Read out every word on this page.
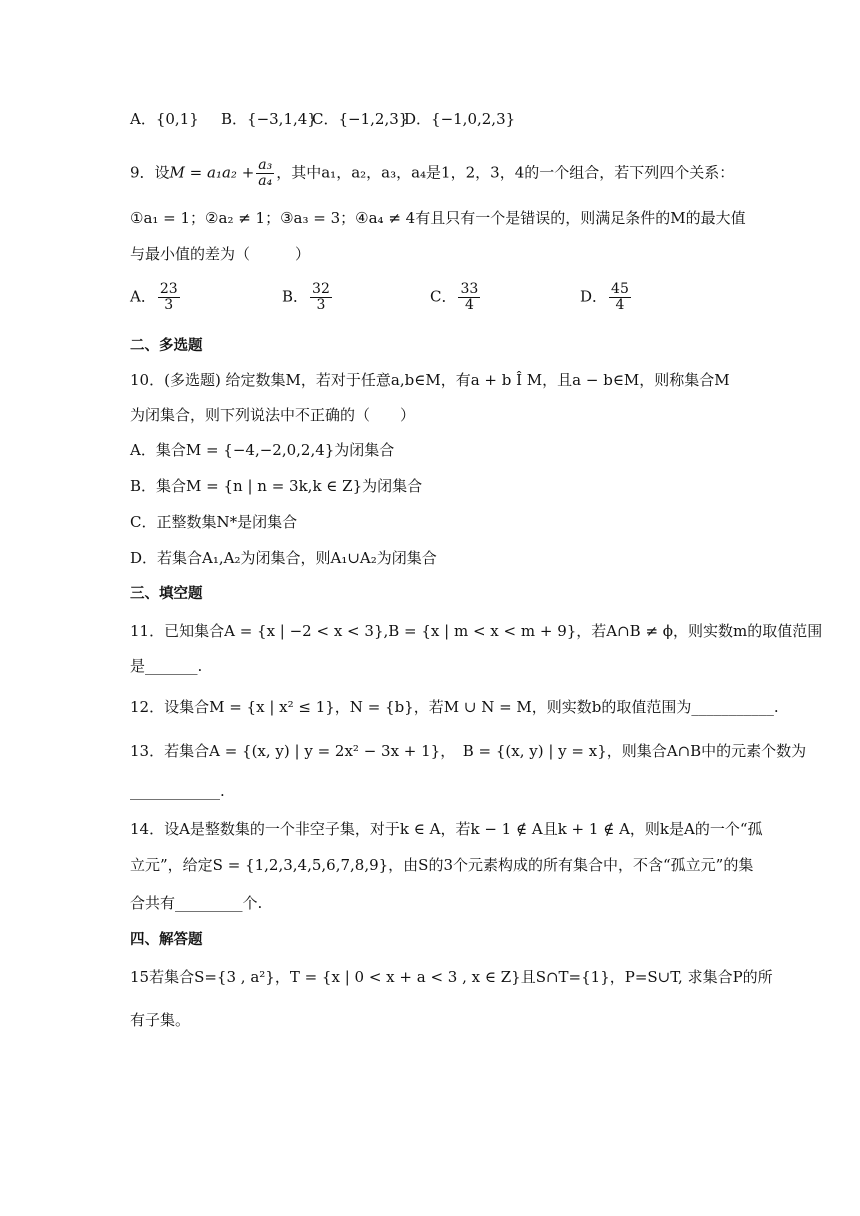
A．{0,1} B．{−3,1,4}
C．{−1,2,3}
D．{−1,0,2,3}
9．设$M = a_1a_2 + \frac{\text{a₃}}{\text{a₄}}$ ，其中a₁，a₂，a₃，a₄是1，2，3，4的一个组合，若下列四个关系：
①a₁ = 1；②a₂ ≠ 1；③a₃ = 3；④a₄ ≠ 4有且只有一个是错误的，则满足条件的M的最大值
与最小值的差为（　　　）
A． $\frac{23}{3}$	B． $\frac{32}{3}$	C． $\frac{33}{4}$	D． $\frac{45}{4}$
二、多选题
10．(多选题) 给定数集M，若对于任意a,b∈M，有a + b Î M，且a − b∈M，则称集合M
为闭集合，则下列说法中不正确的（　　）
A．集合M = {−4,−2,0,2,4}为闭集合
B．集合M = {n | n = 3k,k ∈ Z}为闭集合
C．正整数集N*是闭集合
D．若集合A₁,A₂为闭集合，则A₁∪A₂为闭集合
三、填空题
11．已知集合A = {x | −2 < x < 3},B = {x | m < x < m + 9}，若A∩B ≠ ϕ，则实数m的取值范围
是_______.
12．设集合M = {x | x² ≤ 1}，N = {b}，若M ∪ N = M，则实数b的取值范围为___________.
13．若集合A = {(x, y) | y = 2x² − 3x + 1}，　B = {(x, y) | y = x}，则集合A∩B中的元素个数为
____________.
14．设A是整数集的一个非空子集，对于k ∈ A，若k − 1 ∉ A且k + 1 ∉ A，则k是A的一个“孤
立元”，给定S = {1,2,3,4,5,6,7,8,9}，由S的3个元素构成的所有集合中，不含“孤立元”的集
合共有_________个.
四、解答题
15若集合S={3 , a²}，T = {x | 0 < x + a < 3 , x ∈ Z}且S∩T={1}，P=S∪T, 求集合P的所
有子集。
